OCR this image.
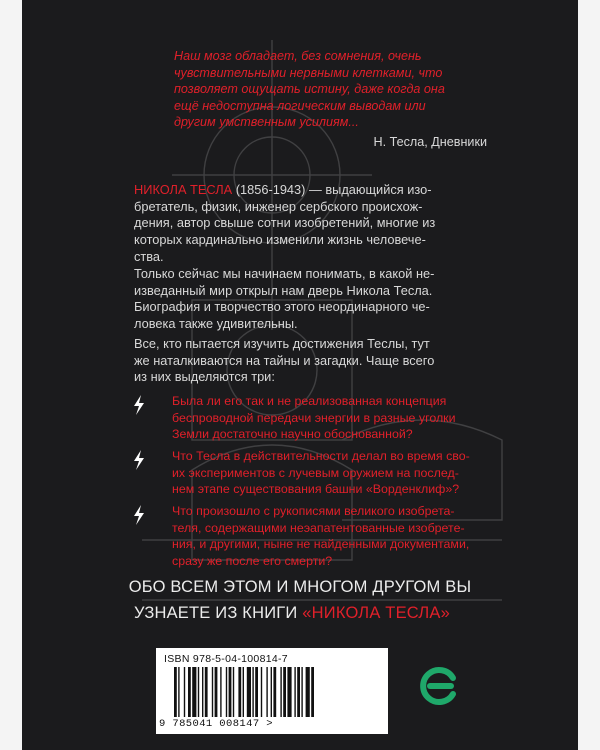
Наш мозг обладает, без сомнения, очень
чувствительными нервными клетками, что
позволяет ощущать истину, даже когда она
ещё недоступна логическим выводам или
другим умственным усилиям...

Н. Тесла, Дневники

НИКОЛА ТЕСЛА (1856-1943) — выдающийся изо-
бретатель, физик, инженер сербского происхож-
дения, автор свыше сотни изобретений, многие из
которых кардинально изменили жизнь человече-
ства.

Только сейчас мы начинаем понимать, в какой не-
изведанный мир открыл нам дверь Никола Тесла.
Биография и творчество этого неординарного че-
ловека также удивительны.

Все, кто пытается изучить достижения Теслы, тут
же наталкиваются на тайны и загадки. Чаще всего
из них выделяются три:

Была ли его так и не реализованная концепция
беспроводной передачи энергии в разные уголки
Земли достаточно научно обоснованной?

Что Тесла в действительности делал во время сво-
их экспериментов с лучевым оружием на послед-
нем этапе существования башни «Ворденклиф»?

Что произошло с рукописями великого изобрета-
теля, содержащими неэапатентованные изобрете-
ния, и другими, ныне не найденными документами,
сразу же после его смерти?

ОБО ВСЕМ ЭТОМ И МНОГОМ ДРУГОМ ВЫ
УЗНАЕТЕ ИЗ КНИГИ «НИКОЛА ТЕСЛА»
ISBN 978-5-04-100814-7
9 785041 008147 >
